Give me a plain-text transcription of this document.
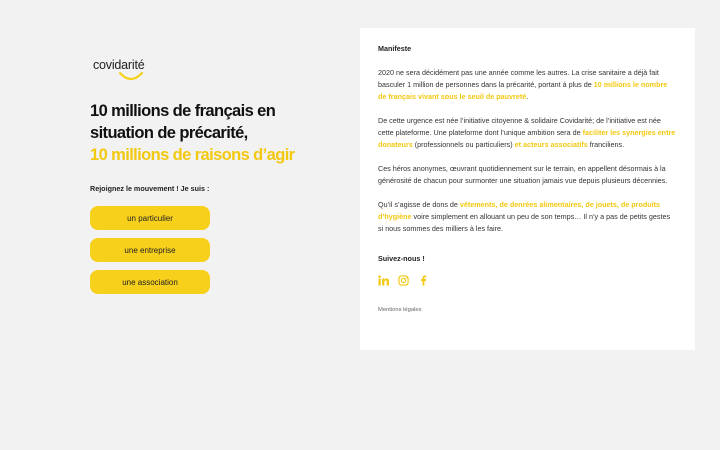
covidarité
10 millions de français en situation de précarité,
10 millions de raisons d’agir
Rejoignez le mouvement ! Je suis :
un particulier
une entreprise
une association
Manifeste

2020 ne sera décidément pas une année comme les autres. La crise sanitaire a déjà fait basculer 1 million de personnes dans la précarité, portant à plus de 10 millions le nombre de français vivant sous le seuil de pauvreté.

De cette urgence est née l’initiative citoyenne & solidaire Covidarité; de l’initiative est née cette plateforme. Une plateforme dont l’unique ambition sera de faciliter les synergies entre donateurs (professionnels ou particuliers) et acteurs associatifs franciliens.

Ces héros anonymes, œuvrant quotidiennement sur le terrain, en appellent désormais à la générosité de chacun pour surmonter une situation jamais vue depuis plusieurs décennies.

Qu’il s’agisse de dons de vêtements, de denrées alimentaires, de jouets, de produits d’hygiène voire simplement en allouant un peu de son temps… Il n’y a pas de petits gestes si nous sommes des milliers à les faire.

Suivez-nous !
Mentions légales
